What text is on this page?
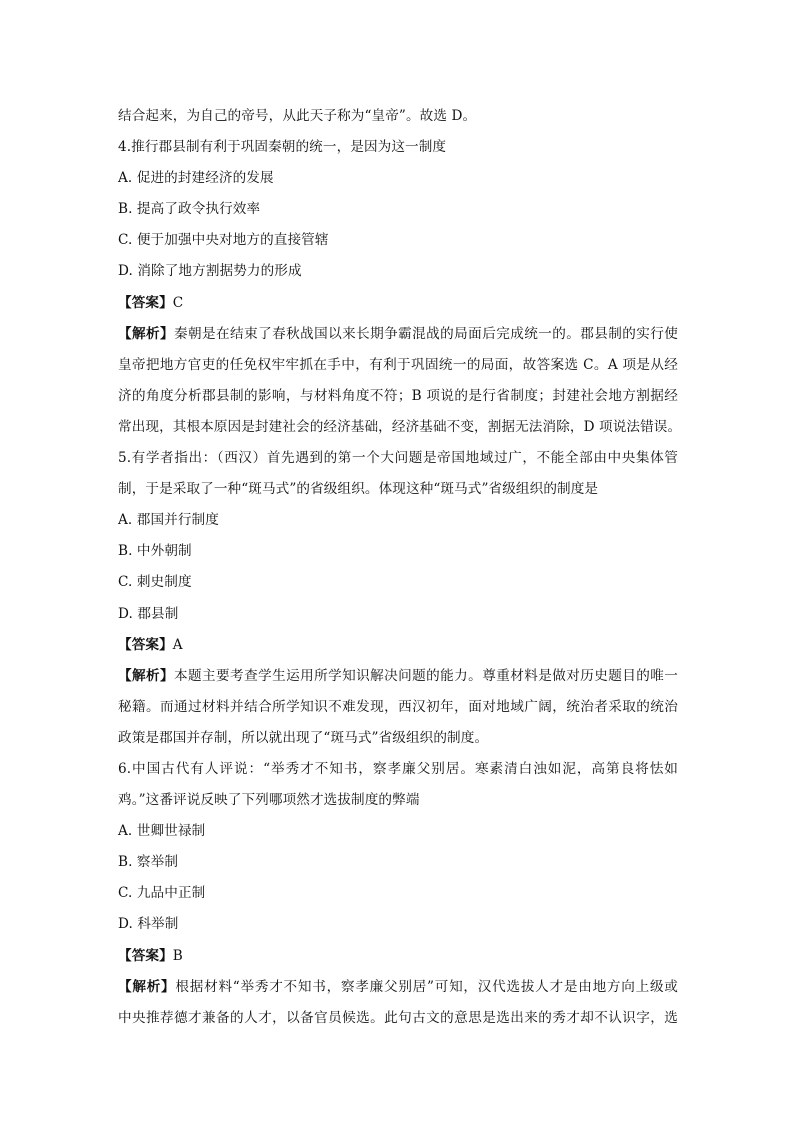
结合起来，为自己的帝号，从此天子称为“皇帝”。故选 D。
4.推行郡县制有利于巩固秦朝的统一，是因为这一制度
A. 促进的封建经济的发展
B. 提高了政令执行效率
C. 便于加强中央对地方的直接管辖
D. 消除了地方割据势力的形成
【答案】C
【解析】秦朝是在结束了春秋战国以来长期争霸混战的局面后完成统一的。郡县制的实行使
皇帝把地方官吏的任免权牢牢抓在手中，有利于巩固统一的局面，故答案选 C。A 项是从经
济的角度分析郡县制的影响，与材料角度不符；B 项说的是行省制度；封建社会地方割据经
常出现，其根本原因是封建社会的经济基础，经济基础不变，割据无法消除，D 项说法错误。
5.有学者指出：（西汉）首先遇到的第一个大问题是帝国地域过广，不能全部由中央集体管
制，于是采取了一种“斑马式”的省级组织。体现这种“斑马式”省级组织的制度是
A. 郡国并行制度
B. 中外朝制
C. 刺史制度
D. 郡县制
【答案】A
【解析】本题主要考查学生运用所学知识解决问题的能力。尊重材料是做对历史题目的唯一
秘籍。而通过材料并结合所学知识不难发现，西汉初年，面对地域广阔，统治者采取的统治
政策是郡国并存制，所以就出现了“斑马式”省级组织的制度。
6.中国古代有人评说：“举秀才不知书，察孝廉父别居。寒素清白浊如泥，高第良将怯如
鸡。”这番评说反映了下列哪项然才选拔制度的弊端
A. 世卿世禄制
B. 察举制
C. 九品中正制
D. 科举制
【答案】B
【解析】根据材料“举秀才不知书，察孝廉父别居”可知，汉代选拔人才是由地方向上级或
中央推荐德才兼备的人才，以备官员候选。此句古文的意思是选出来的秀才却不认识字，选
